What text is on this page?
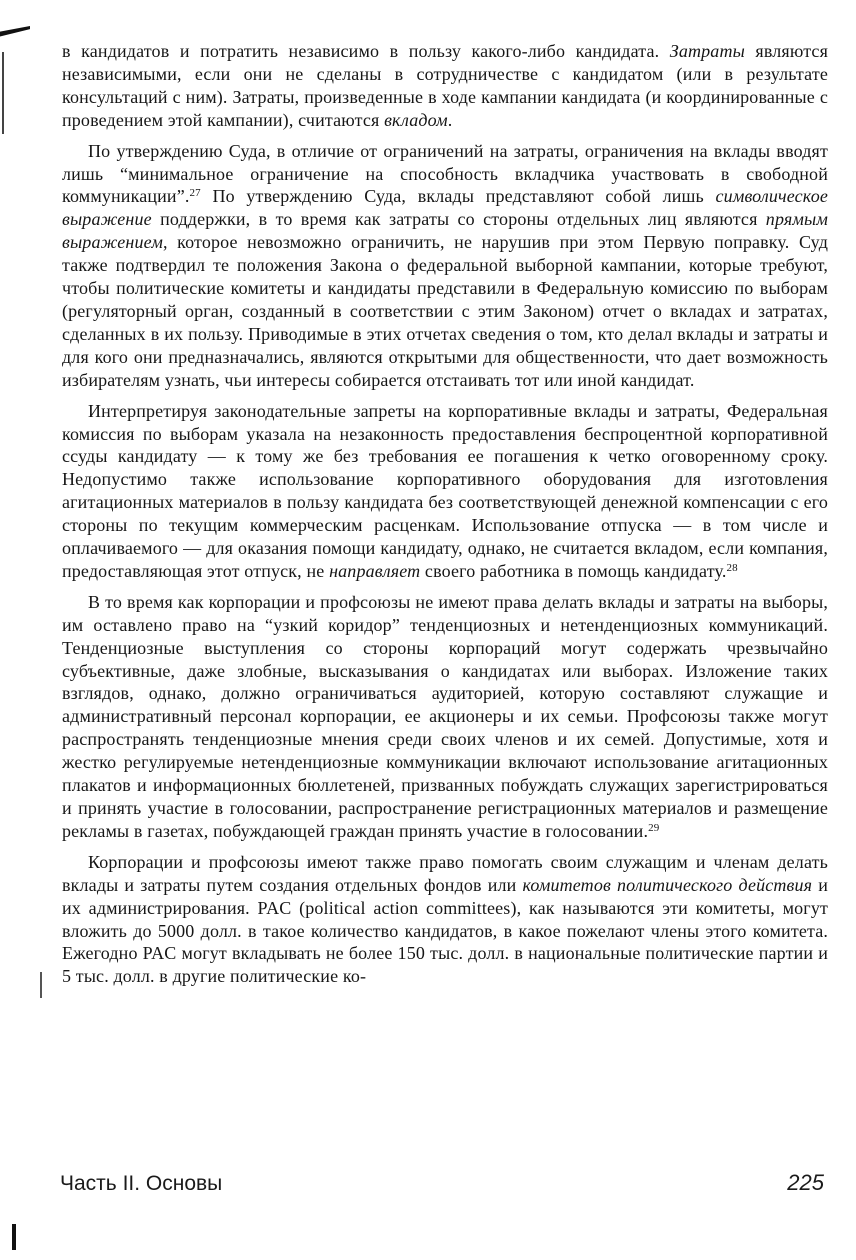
в кандидатов и потратить независимо в пользу какого-либо кандидата. Затраты являются независимыми, если они не сделаны в сотрудничестве с кандидатом (или в результате консультаций с ним). Затраты, произведенные в ходе кампании кандидата (и координированные с проведением этой кампании), считаются вкладом.

По утверждению Суда, в отличие от ограничений на затраты, ограничения на вклады вводят лишь “минимальное ограничение на способность вкладчика участвовать в свободной коммуникации”.$^{27}$ По утверждению Суда, вклады представляют собой лишь символическое выражение поддержки, в то время как затраты со стороны отдельных лиц являются прямым выражением, которое невозможно ограничить, не нарушив при этом Первую поправку. Суд также подтвердил те положения Закона о федеральной выборной кампании, которые требуют, чтобы политические комитеты и кандидаты представили в Федеральную комиссию по выборам (регуляторный орган, созданный в соответствии с этим Законом) отчет о вкладах и затратах, сделанных в их пользу. Приводимые в этих отчетах сведения о том, кто делал вклады и затраты и для кого они предназначались, являются открытыми для общественности, что дает возможность избирателям узнать, чьи интересы собирается отстаивать тот или иной кандидат.

Интерпретируя законодательные запреты на корпоративные вклады и затраты, Федеральная комиссия по выборам указала на незаконность предоставления беспроцентной корпоративной ссуды кандидату — к тому же без требования ее погашения к четко оговоренному сроку. Недопустимо также использование корпоративного оборудования для изготовления агитационных материалов в пользу кандидата без соответствующей денежной компенсации с его стороны по текущим коммерческим расценкам. Использование отпуска — в том числе и оплачиваемого — для оказания помощи кандидату, однако, не считается вкладом, если компания, предоставляющая этот отпуск, не направляет своего работника в помощь кандидату.$^{28}$

В то время как корпорации и профсоюзы не имеют права делать вклады и затраты на выборы, им оставлено право на “узкий коридор” тенденциозных и нетенденциозных коммуникаций. Тенденциозные выступления со стороны корпораций могут содержать чрезвычайно субъективные, даже злобные, высказывания о кандидатах или выборах. Изложение таких взглядов, однако, должно ограничиваться аудиторией, которую составляют служащие и административный персонал корпорации, ее акционеры и их семьи. Профсоюзы также могут распространять тенденциозные мнения среди своих членов и их семей. Допустимые, хотя и жестко регулируемые нетенденциозные коммуникации включают использование агитационных плакатов и информационных бюллетеней, призванных побуждать служащих зарегистрироваться и принять участие в голосовании, распространение регистрационных материалов и размещение рекламы в газетах, побуждающей граждан принять участие в голосовании.$^{29}$

Корпорации и профсоюзы имеют также право помогать своим служащим и членам делать вклады и затраты путем создания отдельных фондов или комитетов политического действия и их администрирования. PAC (political action committees), как называются эти комитеты, могут вложить до 5000 долл. в такое количество кандидатов, в какое пожелают члены этого комитета. Ежегодно PAC могут вкладывать не более 150 тыс. долл. в национальные политические партии и 5 тыс. долл. в другие политические ко-

Часть II. Основы	225
